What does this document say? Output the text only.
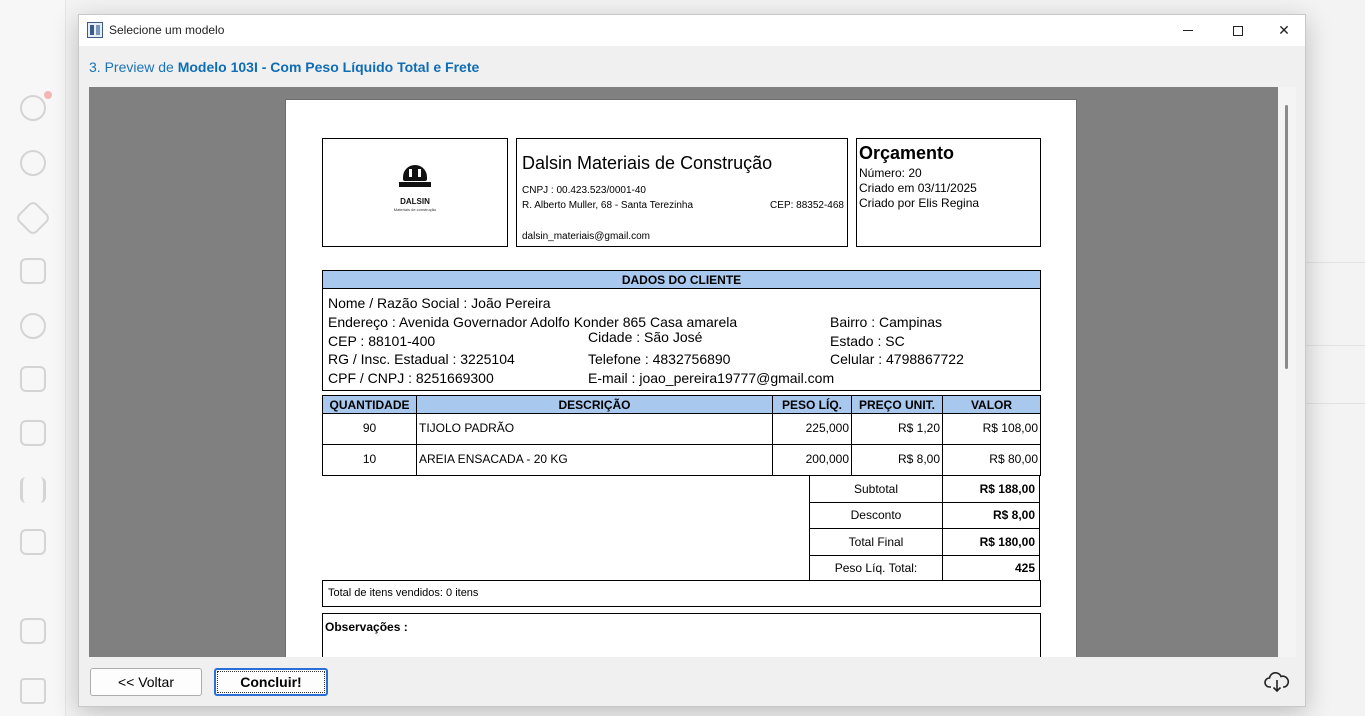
Selecione um modelo	✕
3. Preview de Modelo 103I - Com Peso Líquido Total e Frete
DALSIN
Materiais de construção
Dalsin Materiais de Construção
CNPJ : 00.423.523/0001-40
R. Alberto Muller, 68 - Santa Terezinha	CEP: 88352-468
dalsin_materiais@gmail.com
Orçamento
Número: 20
Criado em 03/11/2025
Criado por Elis Regina
DADOS DO CLIENTE
Nome / Razão Social : João Pereira
Endereço : Avenida Governador Adolfo Konder 865 Casa amarela	Bairro : Campinas
CEP : 88101-400	Cidade : São José	Estado : SC
RG / Insc. Estadual : 3225104	Telefone : 4832756890	Celular : 4798867722
CPF / CNPJ : 8251669300	E-mail : joao_pereira19777@gmail.com
QUANTIDADE	DESCRIÇÃO	PESO LÍQ.	PREÇO UNIT.	VALOR
90	TIJOLO PADRÃO	225,000	R$ 1,20	R$ 108,00
10	AREIA ENSACADA - 20 KG	200,000	R$ 8,00	R$ 80,00
Subtotal	R$ 188,00
Desconto	R$ 8,00
Total Final	R$ 180,00
Peso Líq. Total:	425
Total de itens vendidos: 0 itens
Observações :
<< Voltar	Concluir!
